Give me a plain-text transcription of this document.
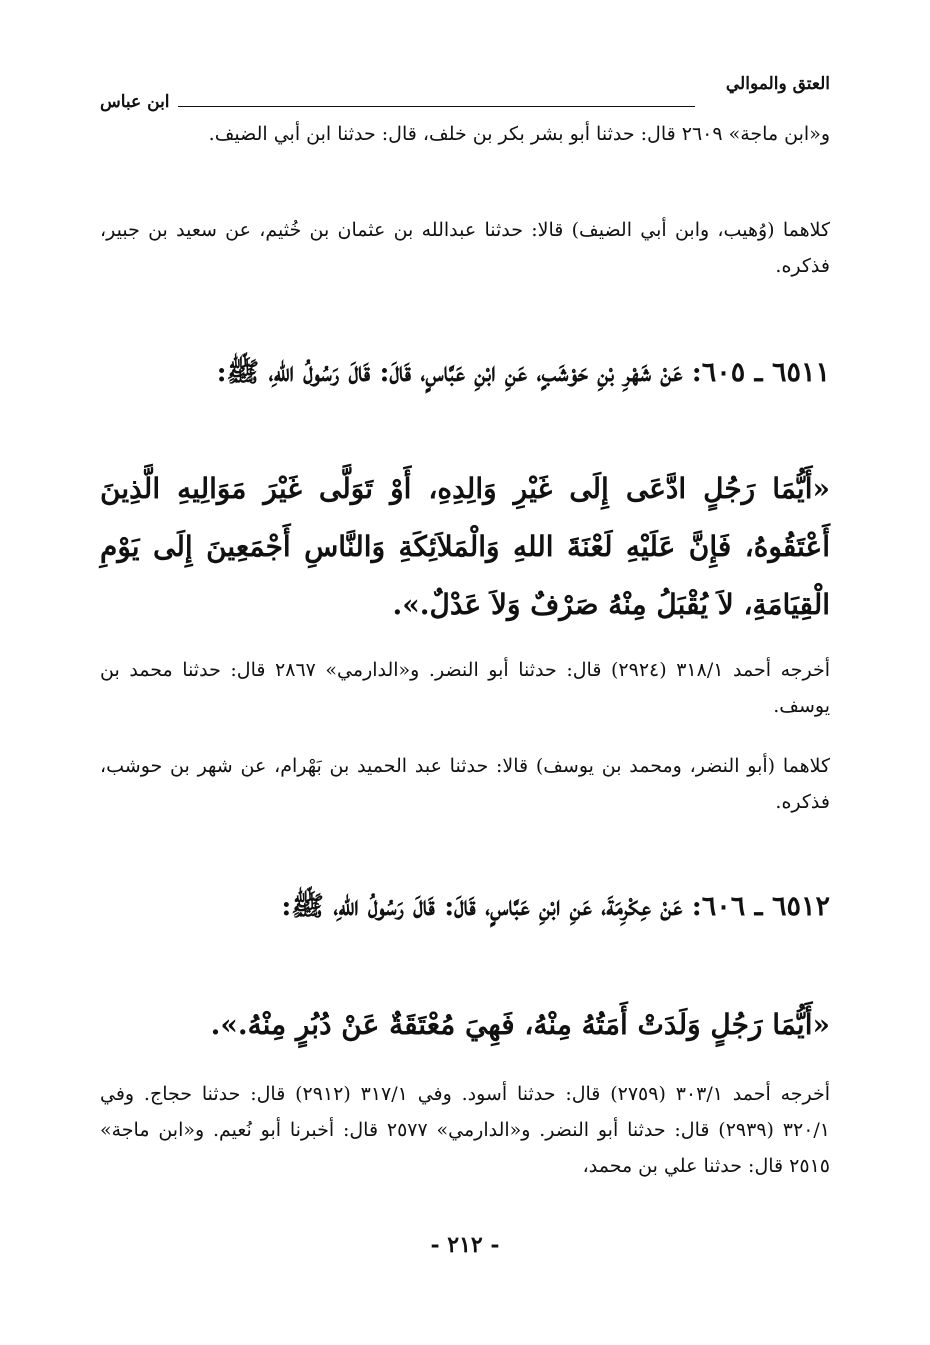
العتق والموالي
ابن عباس
و«ابن ماجة» ٢٦٠٩ قال: حدثنا أبو بشر بكر بن خلف، قال: حدثنا ابن أبي الضيف.
كلاهما (وُهيب، وابن أبي الضيف) قالا: حدثنا عبدالله بن عثمان بن خُثيم، عن سعيد بن جبير، فذكره.
٦٥١١ ـ ٦٠٥: عَنْ شَهْرِ بْنِ حَوْشَبٍ، عَنِ ابْنِ عَبَّاسٍ، قَالَ: قَالَ رَسُولُ اللهِ، ﷺ:
«أَيُّمَا رَجُلٍ ادَّعَى إِلَى غَيْرِ وَالِدِهِ، أَوْ تَوَلَّى غَيْرَ مَوَالِيهِ الَّذِينَ أَعْتَقُوهُ، فَإِنَّ عَلَيْهِ لَعْنَةَ اللهِ وَالْمَلاَئِكَةِ وَالنَّاسِ أَجْمَعِينَ إِلَى يَوْمِ الْقِيَامَةِ، لاَ يُقْبَلُ مِنْهُ صَرْفٌ وَلاَ عَدْلٌ.».
أخرجه أحمد ٣١٨/١ (٢٩٢٤) قال: حدثنا أبو النضر. و«الدارمي» ٢٨٦٧ قال: حدثنا محمد بن يوسف.
كلاهما (أبو النضر، ومحمد بن يوسف) قالا: حدثنا عبد الحميد بن بَهْرام، عن شهر بن حوشب، فذكره.
٦٥١٢ ـ ٦٠٦: عَنْ عِكْرِمَةَ، عَنِ ابْنِ عَبَّاسٍ، قَالَ: قَالَ رَسُولُ اللهِ، ﷺ:
«أَيُّمَا رَجُلٍ وَلَدَتْ أَمَتُهُ مِنْهُ، فَهِيَ مُعْتَقَةٌ عَنْ دُبُرٍ مِنْهُ.».
أخرجه أحمد ٣٠٣/١ (٢٧٥٩) قال: حدثنا أسود. وفي ٣١٧/١ (٢٩١٢) قال: حدثنا حجاج. وفي ٣٢٠/١ (٢٩٣٩) قال: حدثنا أبو النضر. و«الدارمي» ٢٥٧٧ قال: أخبرنا أبو نُعيم. و«ابن ماجة» ٢٥١٥ قال: حدثنا علي بن محمد،
- ٢١٢ -
